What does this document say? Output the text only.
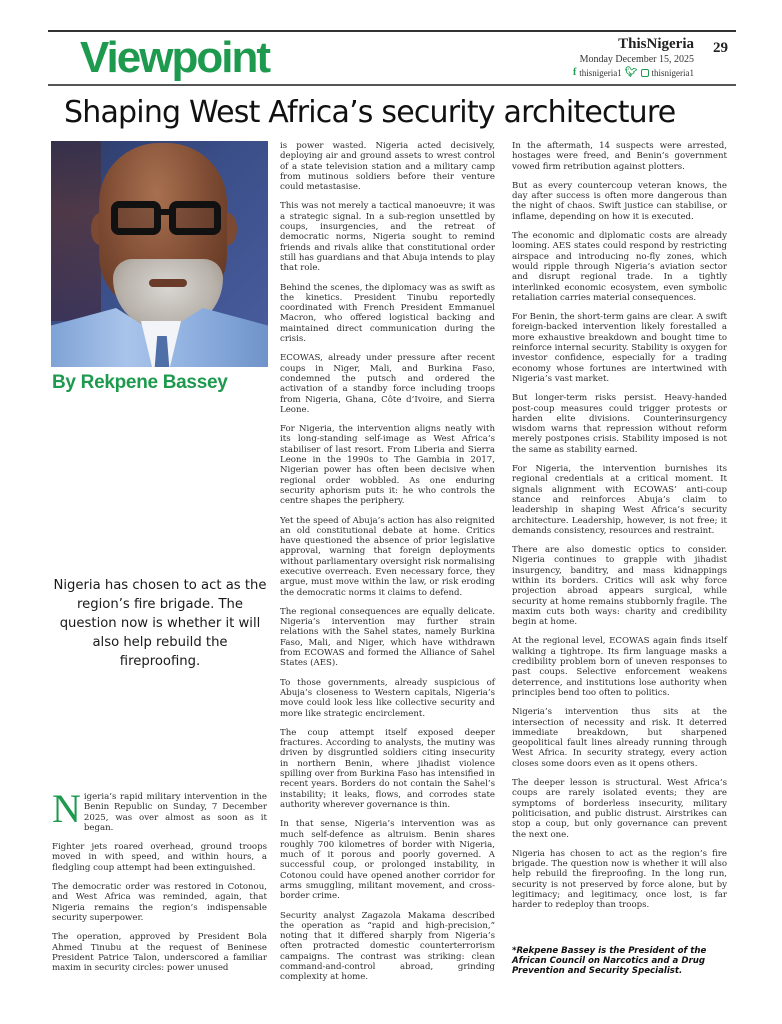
Viewpoint	ThisNigeria
Monday December 15, 2025
f thisnigeria1 🐦︎ thisnigeria1
29
Shaping West Africa’s security architecture
By Rekpene Bassey
Nigeria has chosen to act as the region’s fire brigade. The question now is whether it will also help rebuild the fireproofing.

Nigeria’s rapid military intervention in the Benin Republic on Sunday, 7 December 2025, was over almost as soon as it began.

Fighter jets roared overhead, ground troops moved in with speed, and within hours, a fledgling coup attempt had been extinguished.

The democratic order was restored in Cotonou, and West Africa was reminded, again, that Nigeria remains the region’s indispensable security superpower.

The operation, approved by President Bola Ahmed Tinubu at the request of Beninese President Patrice Talon, underscored a familiar maxim in security circles: power unused

is power wasted. Nigeria acted decisively, deploying air and ground assets to wrest control of a state television station and a military camp from mutinous soldiers before their venture could metastasise.

This was not merely a tactical manoeuvre; it was a strategic signal. In a sub-region unsettled by coups, insurgencies, and the retreat of democratic norms, Nigeria sought to remind friends and rivals alike that constitutional order still has guardians and that Abuja intends to play that role.

Behind the scenes, the diplomacy was as swift as the kinetics. President Tinubu reportedly coordinated with French President Emmanuel Macron, who offered logistical backing and maintained direct communication during the crisis.

ECOWAS, already under pressure after recent coups in Niger, Mali, and Burkina Faso, condemned the putsch and ordered the activation of a standby force including troops from Nigeria, Ghana, Côte d’Ivoire, and Sierra Leone.

For Nigeria, the intervention aligns neatly with its long-standing self-image as West Africa’s stabiliser of last resort. From Liberia and Sierra Leone in the 1990s to The Gambia in 2017, Nigerian power has often been decisive when regional order wobbled. As one enduring security aphorism puts it: he who controls the centre shapes the periphery.

Yet the speed of Abuja’s action has also reignited an old constitutional debate at home. Critics have questioned the absence of prior legislative approval, warning that foreign deployments without parliamentary oversight risk normalising executive overreach. Even necessary force, they argue, must move within the law, or risk eroding the democratic norms it claims to defend.

The regional consequences are equally delicate. Nigeria’s intervention may further strain relations with the Sahel states, namely Burkina Faso, Mali, and Niger, which have withdrawn from ECOWAS and formed the Alliance of Sahel States (AES).

To those governments, already suspicious of Abuja’s closeness to Western capitals, Nigeria’s move could look less like collective security and more like strategic encirclement.

The coup attempt itself exposed deeper fractures. According to analysts, the mutiny was driven by disgruntled soldiers citing insecurity in northern Benin, where jihadist violence spilling over from Burkina Faso has intensified in recent years. Borders do not contain the Sahel’s instability; it leaks, flows, and corrodes state authority wherever governance is thin.

In that sense, Nigeria’s intervention was as much self-defence as altruism. Benin shares roughly 700 kilometres of border with Nigeria, much of it porous and poorly governed. A successful coup, or prolonged instability, in Cotonou could have opened another corridor for arms smuggling, militant movement, and cross-border crime.

Security analyst Zagazola Makama described the operation as “rapid and high-precision,” noting that it differed sharply from Nigeria’s often protracted domestic counterterrorism campaigns. The contrast was striking: clean command-and-control abroad, grinding complexity at home.

In the aftermath, 14 suspects were arrested, hostages were freed, and Benin’s government vowed firm retribution against plotters.

But as every countercoup veteran knows, the day after success is often more dangerous than the night of chaos. Swift justice can stabilise, or inflame, depending on how it is executed.

The economic and diplomatic costs are already looming. AES states could respond by restricting airspace and introducing no-fly zones, which would ripple through Nigeria’s aviation sector and disrupt regional trade. In a tightly interlinked economic ecosystem, even symbolic retaliation carries material consequences.

For Benin, the short-term gains are clear. A swift foreign-backed intervention likely forestalled a more exhaustive breakdown and bought time to reinforce internal security. Stability is oxygen for investor confidence, especially for a trading economy whose fortunes are intertwined with Nigeria’s vast market.

But longer-term risks persist. Heavy-handed post-coup measures could trigger protests or harden elite divisions. Counterinsurgency wisdom warns that repression without reform merely postpones crisis. Stability imposed is not the same as stability earned.

For Nigeria, the intervention burnishes its regional credentials at a critical moment. It signals alignment with ECOWAS’ anti-coup stance and reinforces Abuja’s claim to leadership in shaping West Africa’s security architecture. Leadership, however, is not free; it demands consistency, resources and restraint.

There are also domestic optics to consider. Nigeria continues to grapple with jihadist insurgency, banditry, and mass kidnappings within its borders. Critics will ask why force projection abroad appears surgical, while security at home remains stubbornly fragile. The maxim cuts both ways: charity and credibility begin at home.

At the regional level, ECOWAS again finds itself walking a tightrope. Its firm language masks a credibility problem born of uneven responses to past coups. Selective enforcement weakens deterrence, and institutions lose authority when principles bend too often to politics.

Nigeria’s intervention thus sits at the intersection of necessity and risk. It deterred immediate breakdown, but sharpened geopolitical fault lines already running through West Africa. In security strategy, every action closes some doors even as it opens others.

The deeper lesson is structural. West Africa’s coups are rarely isolated events; they are symptoms of borderless insecurity, military politicisation, and public distrust. Airstrikes can stop a coup, but only governance can prevent the next one.

Nigeria has chosen to act as the region’s fire brigade. The question now is whether it will also help rebuild the fireproofing. In the long run, security is not preserved by force alone, but by legitimacy; and legitimacy, once lost, is far harder to redeploy than troops.

*Rekpene Bassey is the President of the African Council on Narcotics and a Drug Prevention and Security Specialist.
